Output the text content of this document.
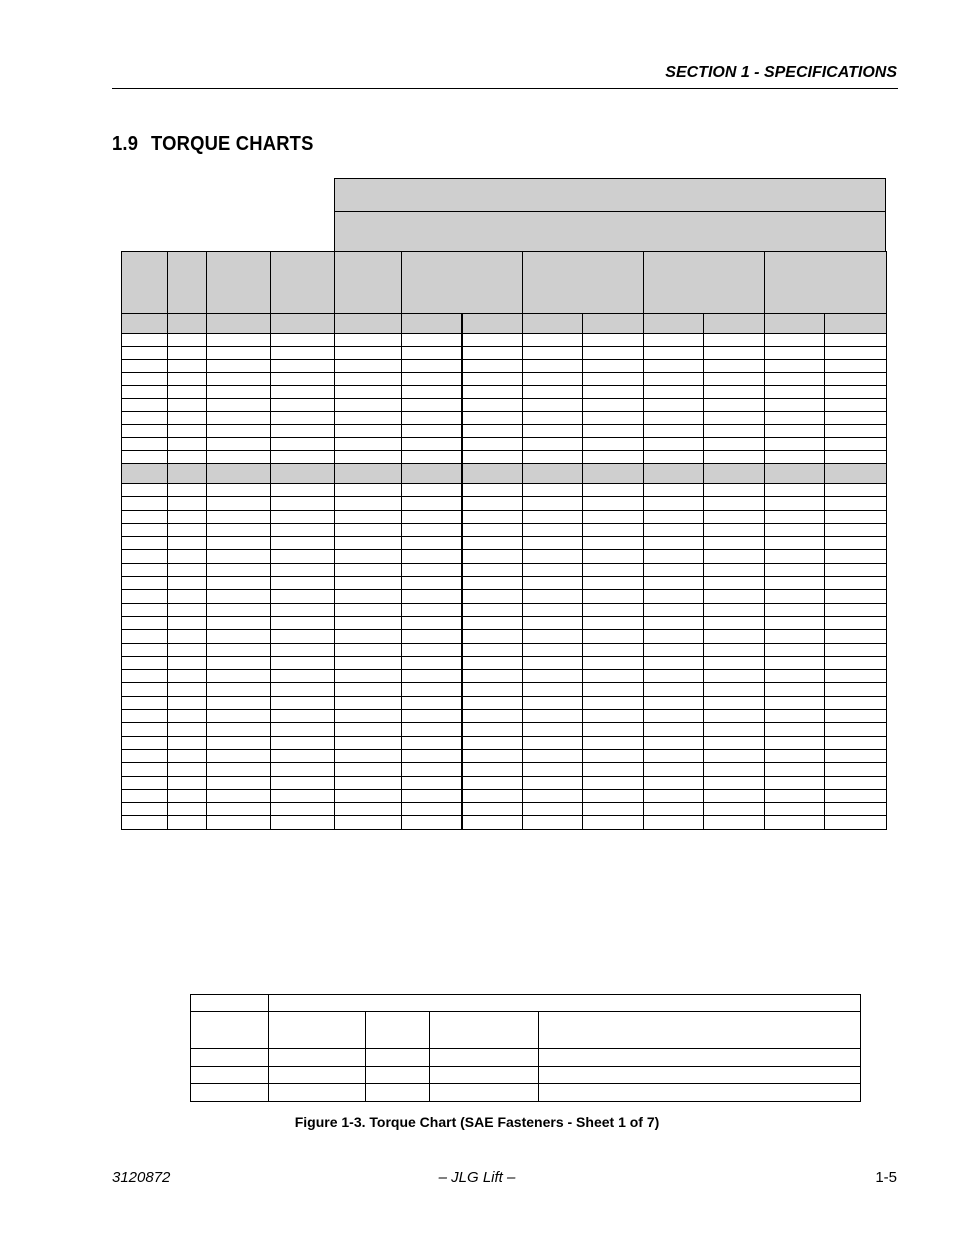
SECTION 1 - SPECIFICATIONS
1.9 TORQUE CHARTS

Figure 1-3. Torque Chart (SAE Fasteners - Sheet 1 of 7)
3120872	– JLG Lift –	1-5
